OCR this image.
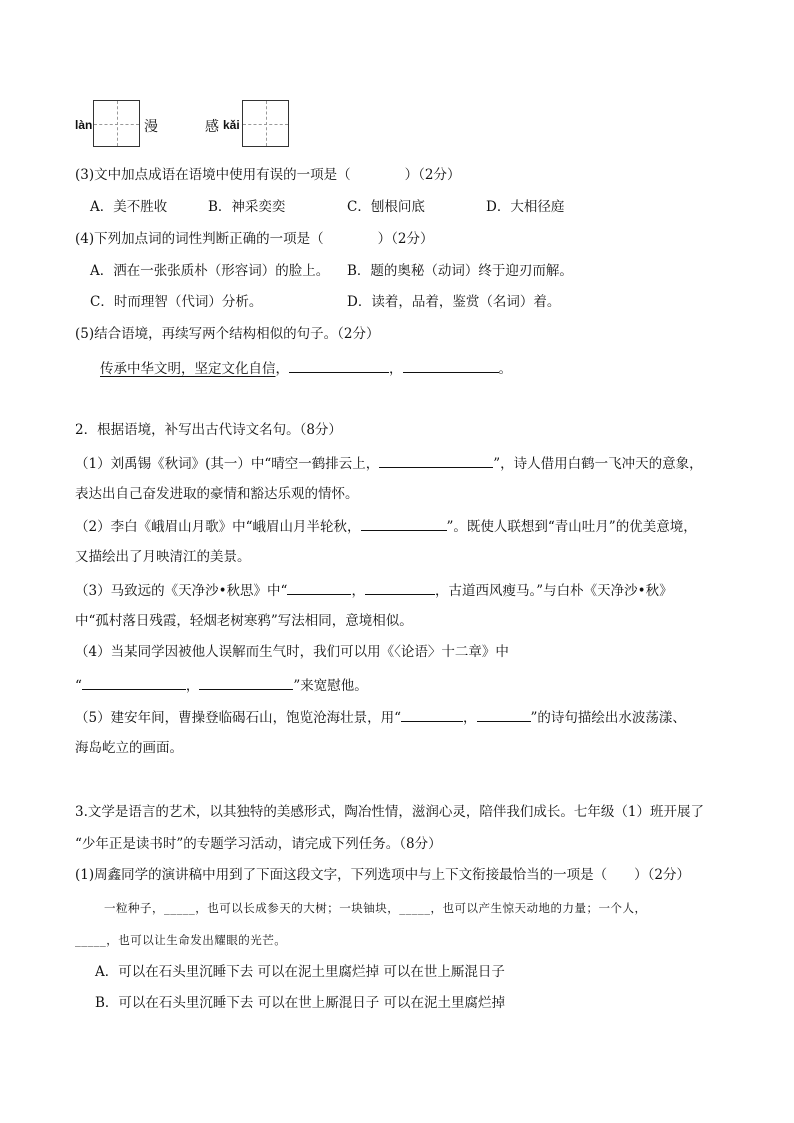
làn	漫	感 kǎi
(3)文中加点成语在语境中使用有误的一项是（　　　　）（2分）
A．美不胜收	B．神采奕奕	C．刨根问底	D．大相径庭
(4)下列加点词的词性判断正确的一项是（　　　　）（2分）
A．洒在一张张质朴（形容词）的脸上。 B．题的奥秘（动词）终于迎刃而解。
C．时而理智（代词）分析。	D．读着，品着，鉴赏（名词）着。
(5)结合语境，再续写两个结构相似的句子。（2分）
传承中华文明，坚定文化自信，	，	。
2．根据语境，补写出古代诗文名句。（8分）
（1）刘禹锡《秋词》(其一）中“晴空一鹤排云上，	”，诗人借用白鹤一飞冲天的意象，
表达出自己奋发进取的豪情和豁达乐观的情怀。
（2）李白《峨眉山月歌》中“峨眉山月半轮秋，	”。既使人联想到“青山吐月”的优美意境，
又描绘出了月映清江的美景。
（3）马致远的《天净沙•秋思》中“	，	，古道西风瘦马。”与白朴《天净沙•秋》
中“孤村落日残霞，轻烟老树寒鸦”写法相同，意境相似。
（4）当某同学因被他人误解而生气时，我们可以用《〈论语〉十二章》中
“	，	”来宽慰他。
（5）建安年间，曹操登临碣石山，饱览沧海壮景，用“	，	”的诗句描绘出水波荡漾、
海岛屹立的画面。
3.文学是语言的艺术，以其独特的美感形式，陶冶性情，滋润心灵，陪伴我们成长。七年级（1）班开展了
“少年正是读书时”的专题学习活动，请完成下列任务。（8分）
(1)周鑫同学的演讲稿中用到了下面这段文字，下列选项中与上下文衔接最恰当的一项是（　　）（2分）
一粒种子，_____，也可以长成参天的大树；一块铀块，_____，也可以产生惊天动地的力量；一个人，
_____，也可以让生命发出耀眼的光芒。
A．可以在石头里沉睡下去 可以在泥土里腐烂掉 可以在世上厮混日子
B．可以在石头里沉睡下去 可以在世上厮混日子 可以在泥土里腐烂掉
